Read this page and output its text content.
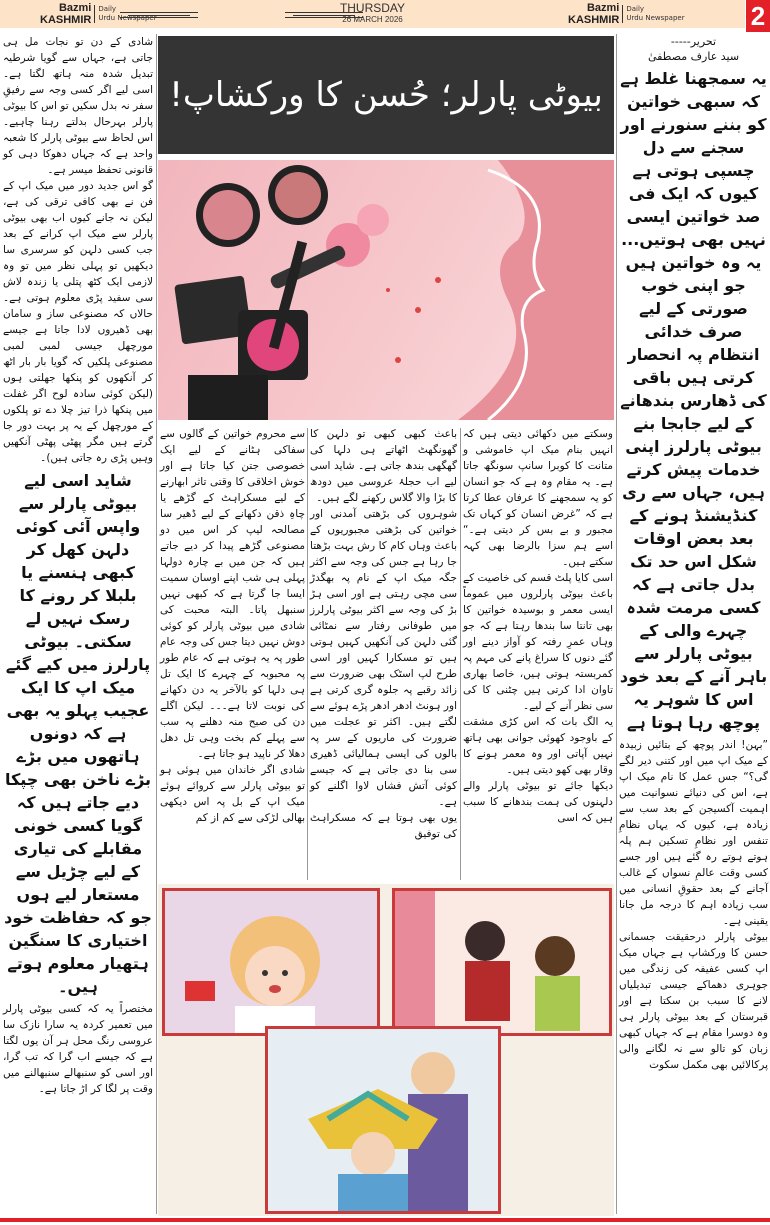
Bazmi
KASHMIR
Daily
Urdu Newspaper
THURSDAY
26 MARCH 2026
Bazmi
KASHMIR
Daily
Urdu Newspaper	2

شادی کے دن تو نجات مل ہی جاتی ہے، جہاں سے گویا شرطیہ تبدیل شدہ منہ ہاتھ لگتا ہے۔ اسی لیے اگر کسی وجہ سے رفیقِ سفر نہ بدل سکیں تو اس کا بیوٹی پارلر بہرحال بدلتے رہنا چاہیے۔ اس لحاظ سے بیوٹی پارلر کا شعبہ واحد ہے کہ جہاں دھوکا دہی کو قانونی تحفظ میسر ہے۔

گو اس جدید دور میں میک اپ کے فن نے بھی کافی ترقی کی ہے، لیکن نہ جانے کیوں اب بھی بیوٹی پارلر سے میک اپ کرانے کے بعد جب کسی دلہن کو سرسری سا دیکھیں تو پہلی نظر میں تو وہ لازمی ایک کٹھ پتلی یا زندہ لاش سی سفید پڑی معلوم ہوتی ہے۔ حالاں کہ مصنوعی ساز و سامان بھی ڈھیروں لادا جاتا ہے جیسے مورچھل جیسی لمبی لمبی مصنوعی پلکیں کہ گویا بار بار اٹھ کر آنکھوں کو پنکھا جھلتی ہوں (لیکن کوئی سادہ لوح اگر غفلت میں پنکھا ذرا تیز چلا دے تو پلکوں کے مورچھل کے یہ پر بہت دور جا گرتے ہیں مگر پھٹی پھٹی آنکھیں وہیں پڑی رہ جاتی ہیں)۔

شاید اسی لیے بیوٹی پارلر سے واپس آئی کوئی دلہن کھل کر کبھی ہنسنے یا بلبلا کر رونے کا رسک نہیں لے سکتی۔ بیوٹی پارلرز میں کیے گئے میک اپ کا ایک عجیب پہلو یہ بھی ہے کہ دونوں ہاتھوں میں بڑے بڑے ناخن بھی چپکا دیے جاتے ہیں کہ گویا کسی خونی مقابلے کی تیاری کے لیے چڑیل سے مستعار لیے ہوں جو کہ حفاظت خود اختیاری کا سنگین ہتھیار معلوم ہوتے ہیں۔

مختصراً یہ کہ کسی بیوٹی پارلر میں تعمیر کردہ یہ سارا نازک سا عروسی رنگ محل ہر آن یوں لگتا ہے کہ جیسے اب گرا کہ تب گرا، اور اسی کو سنبھالے سنبھالنے میں وقت پر لگا کر اڑ جاتا ہے۔

بیوٹی پارلر؛ حُسن کا ورکشاپ!

وسکتے میں دکھائی دیتی ہیں کہ انہیں بنام میک اپ خاموشی و متانت کا کوبرا سانپ سونگھ جاتا ہے۔ یہ مقام وہ ہے کہ جو انسان کو یہ سمجھنے کا عرفان عطا کرتا ہے کہ ”غرض انسان کو کہاں تک مجبور و بے بس کر دیتی ہے۔“ اسے ہم سزا بالرضا بھی کہہ سکتے ہیں۔

اسی کایا پلٹ قسم کی خاصیت کے باعث بیوٹی پارلروں میں عموماً ایسی معمر و بوسیدہ خواتین کا بھی تانتا سا بندھا رہتا ہے کہ جو وہاں عمرِ رفتہ کو آواز دینے اور گئے دنوں کا سراغ پانے کی مہم پہ کمربستہ ہوتی ہیں، خاصا بھاری تاوان ادا کرتی ہیں چٹنی کا کی سی نظر آنے کے لیے۔

یہ الگ بات کہ اس کڑی مشقت کے باوجود کھوئی جوانی بھی ہاتھ نہیں آپاتی اور وہ معمر ہونے کا وقار بھی کھو دیتی ہیں۔

دیکھا جائے تو بیوٹی پارلر والے دلہنوں کی ہمت بندھانے کا سبب ہیں کہ اسی

باعث کبھی کبھی تو دلہن کا گھونگھٹ اٹھاتے ہی دلہا کی گھگھی بندھ جاتی ہے۔ شاید اسی لیے اب حجلۂ عروسی میں دودھ کا بڑا والا گلاس رکھنے لگے ہیں۔

شوہروں کی بڑھتی آمدنی اور خواتین کی بڑھتی مجبوریوں کے باعث وہاں کام کا رش بہت بڑھتا جا رہا ہے جس کی وجہ سے اکثر جگہ میک اپ کے نام پہ بھگدڑ سی مچی رہتی ہے اور اسی ہڑ بڑ کی وجہ سے اکثر بیوٹی پارلرز میں طوفانی رفتار سے نمٹائی گئی دلہن کی آنکھیں کہیں ہوتی ہیں تو مسکارا کہیں اور اسی طرح لپ اسٹک بھی ضرورت سے زائد رقبے پہ جلوہ گری کرتی ہے اور ہونٹ ادھر ادھر پڑے ہوئے سے لگتے ہیں۔ اکثر تو عجلت میں ضرورت کی ماریوں کے سر پہ بالوں کی ایسی ہمالیائی ڈھیری سی بنا دی جاتی ہے کہ جیسے کوئی آتش فشاں لاوا اگلنے کو ہے۔

یوں بھی ہوتا ہے کہ مسکراہٹ کی توفیق

سے محروم خواتین کے گالوں سے سفاکی ہٹانے کے لیے ایک خصوصی جتن کیا جاتا ہے اور خوش اخلاقی کا وقتی تاثر ابھارنے کے لیے مسکراہٹ کے گڑھے یا چاہِ ذقن دکھانے کے لیے ڈھیر سا مصالحہ لیپ کر اس میں دو مصنوعی گڑھے پیدا کر دیے جاتے ہیں کہ جن میں بے چارہ دولہا پہلی ہی شب اپنے اوسان سمیت ایسا جا گرتا ہے کہ کبھی نہیں سنبھل پاتا۔ البتہ محبت کی شادی میں بیوٹی پارلر کو کوئی دوش نہیں دیتا جس کی وجہ عام طور پہ یہ ہوتی ہے کہ عام طور پہ محبوبہ کے چہرے کا ایک تل ہی دلہا کو بالآخر یہ دن دکھانے کی نوبت لاتا ہے۔۔۔ لیکن اگلے دن کی صبح منہ دھلنے پہ سب سے پہلے کم بخت وہی تل دھل دھلا کر ناپید ہو جاتا ہے۔

شادی اگر خاندان میں ہوئی ہو تو بیوٹی پارلر سے کروائے ہوئے میک اپ کے بل پہ اس دیکھی بھالی لڑکی سے کم از کم

تحریر-----
سید عارف مصطفیٰ
یہ سمجھنا غلط ہے کہ سبھی خواتین کو بننے سنورنے اور سجنے سے دل چسپی ہوتی ہے کیوں کہ ایک فی صد خواتین ایسی نہیں بھی ہوتیں... یہ وہ خواتین ہیں جو اپنی خوب صورتی کے لیے صرف خدائی انتظام پہ انحصار کرتی ہیں باقی کی ڈھارس بندھانے کے لیے جابجا بنے بیوٹی پارلرز اپنی خدمات پیش کرتے ہیں، جہاں سے ری کنڈیشنڈ ہونے کے بعد بعض اوقات شکل اس حد تک بدل جاتی ہے کہ کسی مرمت شدہ چہرے والی کے بیوٹی پارلر سے باہر آنے کے بعد خود اس کا شوہر یہ پوچھ رہا ہوتا ہے

”بہن! اندر پوچھ کے بتائیں زبیدہ کے میک اپ میں اور کتنی دیر لگے گی؟“ جس عمل کا نام میک اپ ہے، اس کی دنیائے نسوانیت میں اہمیت آکسیجن کے بعد سب سے زیادہ ہے، کیوں کہ یہاں نظامِ تنفس اور نظامِ تسکین ہم پلہ ہوتے ہوتے رہ گئے ہیں اور جسے کسی وقت عالمِ نسواں کے غالب آجانے کے بعد حقوقِ انسانی میں سب زیادہ اہم کا درجہ مل جانا یقینی ہے۔

بیوٹی پارلر درحقیقت جسمانی حسن کا ورکشاپ ہے جہاں میک اپ کسی عفیفہ کی زندگی میں جوہری دھماکے جیسی تبدیلیاں لانے کا سبب بن سکتا ہے اور قبرستان کے بعد بیوٹی پارلر ہی وہ دوسرا مقام ہے کہ جہاں کبھی زبان کو تالو سے نہ لگانے والی پرکالائیں بھی مکمل سکوت
